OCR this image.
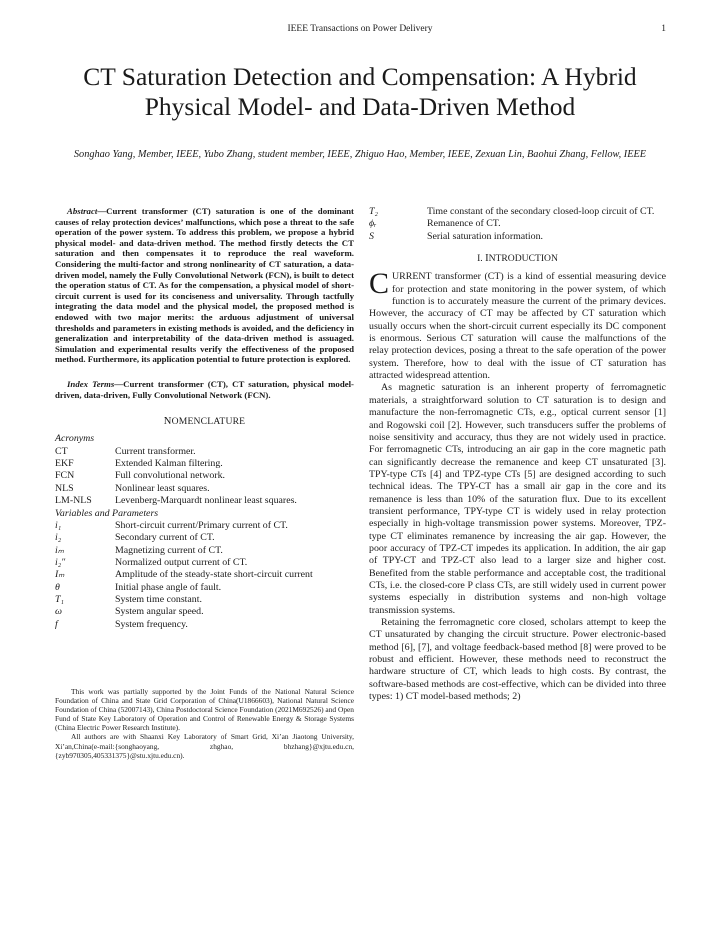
IEEE Transactions on Power Delivery	1
CT Saturation Detection and Compensation: A Hybrid Physical Model- and Data-Driven Method
Songhao Yang, Member, IEEE, Yubo Zhang, student member, IEEE, Zhiguo Hao, Member, IEEE, Zexuan Lin, Baohui Zhang, Fellow, IEEE

Abstract—Current transformer (CT) saturation is one of the dominant causes of relay protection devices’ malfunctions, which pose a threat to the safe operation of the power system. To address this problem, we propose a hybrid physical model- and data-driven method. The method firstly detects the CT saturation and then compensates it to reproduce the real waveform. Considering the multi-factor and strong nonlinearity of CT saturation, a data-driven model, namely the Fully Convolutional Network (FCN), is built to detect the operation status of CT. As for the compensation, a physical model of short-circuit current is used for its conciseness and universality. Through tactfully integrating the data model and the physical model, the proposed method is endowed with two major merits: the arduous adjustment of universal thresholds and parameters in existing methods is avoided, and the deficiency in generalization and interpretability of the data-driven method is assuaged. Simulation and experimental results verify the effectiveness of the proposed method. Furthermore, its application potential to future protection is explored.

Index Terms—Current transformer (CT), CT saturation, physical model-driven, data-driven, Fully Convolutional Network (FCN).

NOMENCLATURE

Acronyms

CT	Current transformer.
EKF	Extended Kalman filtering.
FCN	Full convolutional network.
NLS	Nonlinear least squares.
LM-NLS	Levenberg-Marquardt nonlinear least squares.

Variables and Parameters

i₁	Short-circuit current/Primary current of CT.
i₂	Secondary current of CT.
iₘ	Magnetizing current of CT.
i₂″	Normalized output current of CT.
Iₘ	Amplitude of the steady-state short-circuit current
θ	Initial phase angle of fault.
T₁	System time constant.
ω	System angular speed.
f	System frequency.

This work was partially supported by the Joint Funds of the National Natural Science Foundation of China and State Grid Corporation of China(U1866603), National Natural Science Foundation of China (52007143), China Postdoctoral Science Foundation (2021M692526) and Open Fund of State Key Laboratory of Operation and Control of Renewable Energy & Storage Systems (China Electric Power Research Institute).

All authors are with Shaanxi Key Laboratory of Smart Grid, Xi’an Jiaotong University, Xi’an,China(e-mail:{songhaoyang, zhghao, bhzhang}@xjtu.edu.cn, {zyb970305,405331375}@stu.xjtu.edu.cn).

T₂	Time constant of the secondary closed-loop circuit of CT.
ϕᵣ	Remanence of CT.
S	Serial saturation information.
I. INTRODUCTION

CURRENT transformer (CT) is a kind of essential measuring device for protection and state monitoring in the power system, of which function is to accurately measure the current of the primary devices. However, the accuracy of CT may be affected by CT saturation which usually occurs when the short-circuit current especially its DC component is enormous. Serious CT saturation will cause the malfunctions of the relay protection devices, posing a threat to the safe operation of the power system. Therefore, how to deal with the issue of CT saturation has attracted widespread attention.

As magnetic saturation is an inherent property of ferromagnetic materials, a straightforward solution to CT saturation is to design and manufacture the non-ferromagnetic CTs, e.g., optical current sensor [1] and Rogowski coil [2]. However, such transducers suffer the problems of noise sensitivity and accuracy, thus they are not widely used in practice. For ferromagnetic CTs, introducing an air gap in the core magnetic path can significantly decrease the remanence and keep CT unsaturated [3]. TPY-type CTs [4] and TPZ-type CTs [5] are designed according to such technical ideas. The TPY-CT has a small air gap in the core and its remanence is less than 10% of the saturation flux. Due to its excellent transient performance, TPY-type CT is widely used in relay protection especially in high-voltage transmission power systems. Moreover, TPZ-type CT eliminates remanence by increasing the air gap. However, the poor accuracy of TPZ-CT impedes its application. In addition, the air gap of TPY-CT and TPZ-CT also lead to a larger size and higher cost. Benefited from the stable performance and acceptable cost, the traditional CTs, i.e. the closed-core P class CTs, are still widely used in current power systems especially in distribution systems and non-high voltage transmission systems.

Retaining the ferromagnetic core closed, scholars attempt to keep the CT unsaturated by changing the circuit structure. Power electronic-based method [6], [7], and voltage feedback-based method [8] were proved to be robust and efficient. However, these methods need to reconstruct the hardware structure of CT, which leads to high costs. By contrast, the software-based methods are cost-effective, which can be divided into three types: 1) CT model-based methods; 2)
